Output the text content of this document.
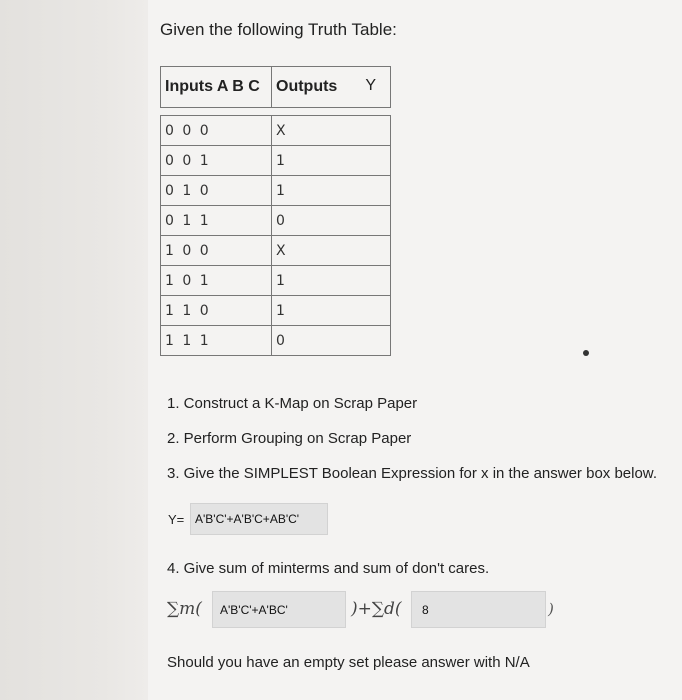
Given the following Truth Table:
Inputs A B C	Outputs Y

0 0 0	X
0 0 1	1
0 1 0	1
0 1 1	0
1 0 0	X
1 0 1	1
1 1 0	1
1 1 1	0
1. Construct a K-Map on Scrap Paper
2. Perform Grouping on Scrap Paper
3. Give the SIMPLEST Boolean Expression for x in the answer box below.
Y= A'B'C'+A'B'C+AB'C'
4. Give sum of minterms and sum of don't cares.
∑m( A'B'C'+A'BC'	)+∑d( 8	)
Should you have an empty set please answer with N/A
